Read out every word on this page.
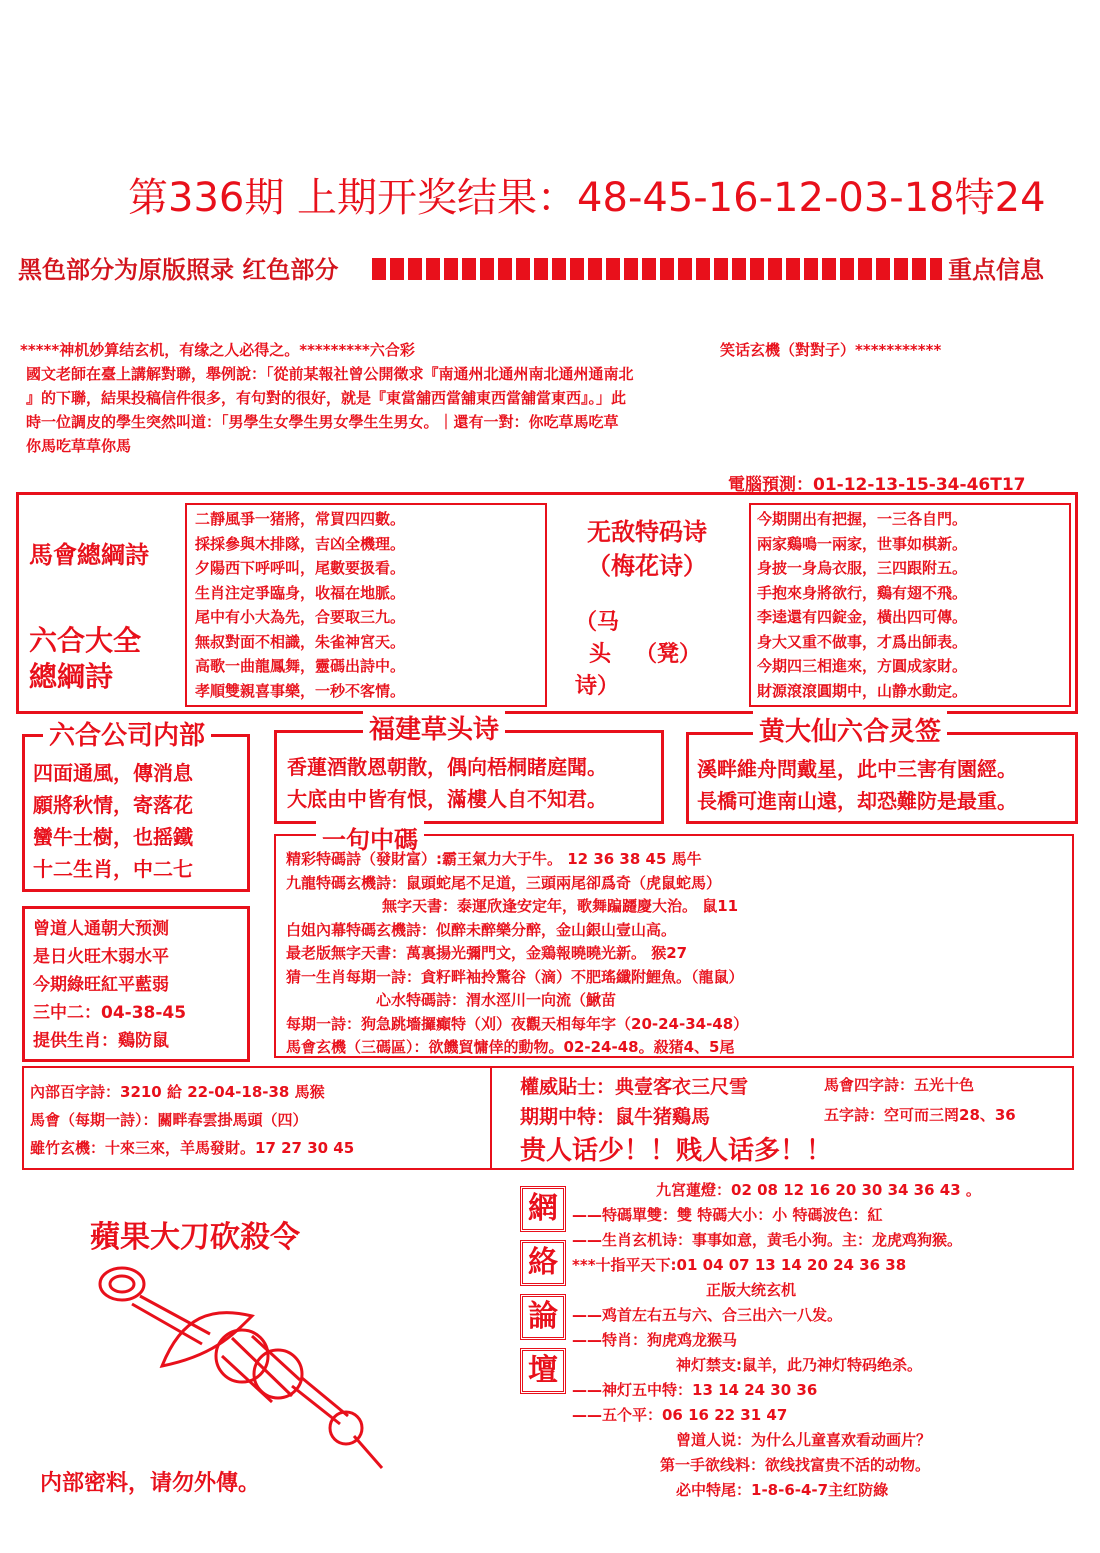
第336期 上期开奖结果：48-45-16-12-03-18特24
黑色部分为原版照录 红色部分	重点信息
*****神机妙算结玄机，有缘之人必得之。*********六合彩	笑话玄機（對對子）***********
國文老師在臺上講解對聯，舉例說：「從前某報社曾公開徵求『南通州北通州南北通州通南北
』的下聯，結果投稿信件很多，有句對的很好，就是『東當舖西當舖東西當舖當東西』。」此
時一位調皮的學生突然叫道：「男學生女學生男女學生生男女。｜還有一對：你吃草馬吃草
你馬吃草草你馬
電腦預測：01-12-13-15-34-46T17
馬會總綱詩
六合大全
總綱詩
二靜風爭一猪將，常買四四數。
採採參與木排隊，吉凶全機理。
夕陽西下呼呼叫，尾數要扱看。
生肖注定爭臨身，收福在地脈。
尾中有小大為先，合要取三九。
無叔對面不相識，朱雀神宮天。
高歌一曲龍鳳舞，靈碼出詩中。
孝順雙親喜事樂，一秒不客情。
无敌特码诗
（梅花诗）
（马
头
诗）
（凳）
今期開出有把握，一三各自門。
兩家鷄鳴一兩家，世事如棋新。
身披一身烏衣服，三四跟附五。
手抱來身將欲行，鷄有翅不飛。
李逵還有四錠金，橫出四可傳。
身大又重不做事，才爲出師表。
今期四三相進來，方圓成家財。
財源滾滾圓期中，山静水動定。
六合公司内部
四面通風，傳消息
願將秋情，寄落花
蠻牛士樹，也摇鐵
十二生肖，中二七
福建草头诗
香蓮酒散恩朝散，偶向梧桐睹庭聞。
大底由中皆有恨，滿樓人自不知君。
黄大仙六合灵签
溪畔維舟問戴星，此中三害有園經。
長橋可進南山遠，却恐難防是最重。
曾道人通朝大预测
是日火旺木弱水平
今期綠旺紅平藍弱
三中二：04-38-45
提供生肖：鷄防鼠
一句中碼
精彩特碼詩（發財富）:霸王氣力大于牛。 12 36 38 45 馬牛
九龍特碼玄機詩：鼠頭蛇尾不足道，三頭兩尾卻爲奇（虎鼠蛇馬）
無字天書：泰運欣逢安定年，歌舞蹁躚慶大治。 鼠11
白姐內幕特碼玄機詩：似醉未醉樂分醉，金山銀山壹山高。
最老版無字天書：萬裏揚光彌門文，金鶏報曉曉光新。 猴27
猜一生肖每期一詩：貪籽畔袖拎驚谷（滴）不肥瑤纖附鯉魚。（龍鼠）
心水特碼詩：渭水涇川一向流（鰍苗
每期一詩：狗急跳墻攞癲特（刈）夜觀天相每年字（20-24-34-48）
馬會玄機（三碼區）：欲饑貿慵倖的動物。02-24-48。殺猪4、5尾
內部百字詩：3210 給 22-04-18-38 馬猴
馬會（每期一詩）：關畔春雲掛馬頭（四）
雖竹玄機：十來三來，羊馬發財。17 27 30 45
權威貼士：典壹客衣三尺雪	馬會四字詩：五光十色
期期中特：鼠牛猪鷄馬	五字詩：空可而三罔28、36
贵人话少！！贱人话多！！
蘋果大刀砍殺令
内部密料，请勿外傳。
網
絡
論
壇
九宮蓮燈：02 08 12 16 20 30 34 36 43 。
——特碼單雙：雙 特碼大小：小 特碼波色：紅
——生肖玄机诗：事事如意，黄毛小狗。主：龙虎鸡狗猴。
***十指平天下:01 04 07 13 14 20 24 36 38
正版大统玄机
——鸡首左右五与六、合三出六一八发。
——特肖：狗虎鸡龙猴马
神灯禁支:鼠羊，此乃神灯特码绝杀。
——神灯五中特：13 14 24 30 36
——五个平：06 16 22 31 47
曾道人说：为什么儿童喜欢看动画片？
第一手欲线料：欲线找富贵不活的动物。
必中特尾：1-8-6-4-7主红防綠
